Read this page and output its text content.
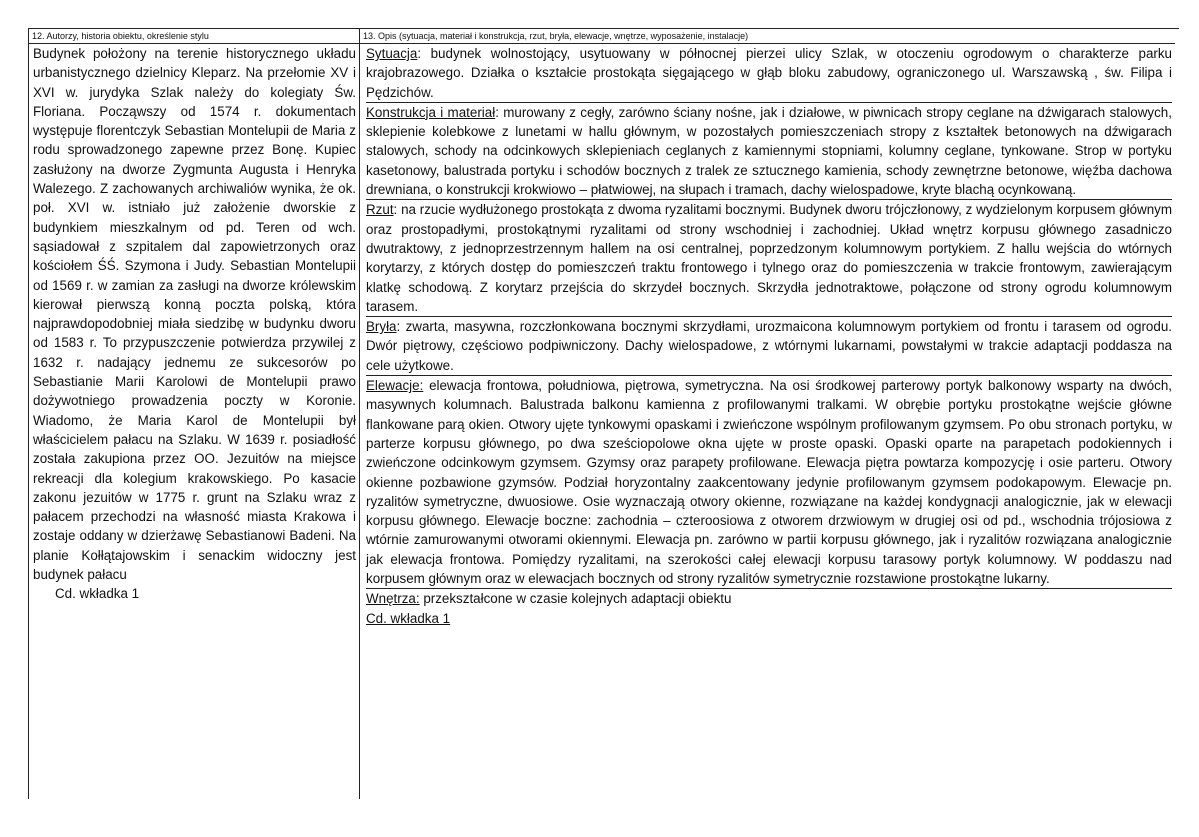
12. Autorzy, historia obiektu, określenie stylu

Budynek położony na terenie historycznego układu urbanistycznego dzielnicy Kleparz. Na przełomie XV i XVI w. jurydyka Szlak należy do kolegiaty Św. Floriana. Począwszy od 1574 r. dokumentach występuje florentczyk Sebastian Montelupii de Maria z rodu sprowadzonego zapewne przez Bonę. Kupiec zasłużony na dworze Zygmunta Augusta i Henryka Walezego. Z zachowanych archiwaliów wynika, że ok. poł. XVI w. istniało już założenie dworskie z budynkiem mieszkalnym od pd. Teren od wch. sąsiadował z szpitalem dal zapowietrzonych oraz kościołem ŚŚ. Szymona i Judy. Sebastian Montelupii od 1569 r. w zamian za zasługi na dworze królewskim kierował pierwszą konną poczta polską, która najprawdopodobniej miała siedzibę w budynku dworu od 1583 r. To przypuszczenie potwierdza przywilej z 1632 r. nadający jednemu ze sukcesorów po Sebastianie Marii Karolowi de Montelupii prawo dożywotniego prowadzenia poczty w Koronie. Wiadomo, że Maria Karol de Montelupii był właścicielem pałacu na Szlaku. W 1639 r. posiadłość została zakupiona przez OO. Jezuitów na miejsce rekreacji dla kolegium krakowskiego. Po kasacie zakonu jezuitów w 1775 r. grunt na Szlaku wraz z pałacem przechodzi na własność miasta Krakowa i zostaje oddany w dzierżawę Sebastianowi Badeni. Na planie Kołłątajowskim i senackim widoczny jest budynek pałacu

Cd. wkładka 1
13. Opis (sytuacja, materiał i konstrukcja, rzut, bryła, elewacje, wnętrze, wyposażenie, instalacje)

Sytuacja: budynek wolnostojący, usytuowany w północnej pierzei ulicy Szlak, w otoczeniu ogrodowym o charakterze parku krajobrazowego. Działka o kształcie prostokąta sięgającego w głąb bloku zabudowy, ograniczonego ul. Warszawską , św. Filipa i Pędzichów.

Konstrukcja i materiał: murowany z cegły, zarówno ściany nośne, jak i działowe, w piwnicach stropy ceglane na dźwigarach stalowych, sklepienie kolebkowe z lunetami w hallu głównym, w pozostałych pomieszczeniach stropy z kształtek betonowych na dźwigarach stalowych, schody na odcinkowych sklepieniach ceglanych z kamiennymi stopniami, kolumny ceglane, tynkowane. Strop w portyku kasetonowy, balustrada portyku i schodów bocznych z tralek ze sztucznego kamienia, schody zewnętrzne betonowe, więźba dachowa drewniana, o konstrukcji krokwiowo – płatwiowej, na słupach i tramach, dachy wielospadowe, kryte blachą ocynkowaną.

Rzut: na rzucie wydłużonego prostokąta z dwoma ryzalitami bocznymi. Budynek dworu trójczłonowy, z wydzielonym korpusem głównym oraz prostopadłymi, prostokątnymi ryzalitami od strony wschodniej i zachodniej. Układ wnętrz korpusu głównego zasadniczo dwutraktowy, z jednoprzestrzennym hallem na osi centralnej, poprzedzonym kolumnowym portykiem. Z hallu wejścia do wtórnych korytarzy, z których dostęp do pomieszczeń traktu frontowego i tylnego oraz do pomieszczenia w trakcie frontowym, zawierającym klatkę schodową. Z korytarz przejścia do skrzydeł bocznych. Skrzydła jednotraktowe, połączone od strony ogrodu kolumnowym tarasem.

Bryła: zwarta, masywna, rozczłonkowana bocznymi skrzydłami, urozmaicona kolumnowym portykiem od frontu i tarasem od ogrodu. Dwór piętrowy, częściowo podpiwniczony. Dachy wielospadowe, z wtórnymi lukarnami, powstałymi w trakcie adaptacji poddasza na cele użytkowe.

Elewacje: elewacja frontowa, południowa, piętrowa, symetryczna. Na osi środkowej parterowy portyk balkonowy wsparty na dwóch, masywnych kolumnach. Balustrada balkonu kamienna z profilowanymi tralkami. W obrębie portyku prostokątne wejście główne flankowane parą okien. Otwory ujęte tynkowymi opaskami i zwieńczone wspólnym profilowanym gzymsem. Po obu stronach portyku, w parterze korpusu głównego, po dwa sześciopolowe okna ujęte w proste opaski. Opaski oparte na parapetach podokiennych i zwieńczone odcinkowym gzymsem. Gzymsy oraz parapety profilowane. Elewacja piętra powtarza kompozycję i osie parteru. Otwory okienne pozbawione gzymsów. Podział horyzontalny zaakcentowany jedynie profilowanym gzymsem podokapowym. Elewacje pn. ryzalitów symetryczne, dwuosiowe. Osie wyznaczają otwory okienne, rozwiązane na każdej kondygnacji analogicznie, jak w elewacji korpusu głównego. Elewacje boczne: zachodnia – czteroosiowa z otworem drzwiowym w drugiej osi od pd., wschodnia trójosiowa z wtórnie zamurowanymi otworami okiennymi. Elewacja pn. zarówno w partii korpusu głównego, jak i ryzalitów rozwiązana analogicznie jak elewacja frontowa. Pomiędzy ryzalitami, na szerokości całej elewacji korpusu tarasowy portyk kolumnowy. W poddaszu nad korpusem głównym oraz w elewacjach bocznych od strony ryzalitów symetrycznie rozstawione prostokątne lukarny.

Wnętrza: przekształcone w czasie kolejnych adaptacji obiektu

Cd. wkładka 1
